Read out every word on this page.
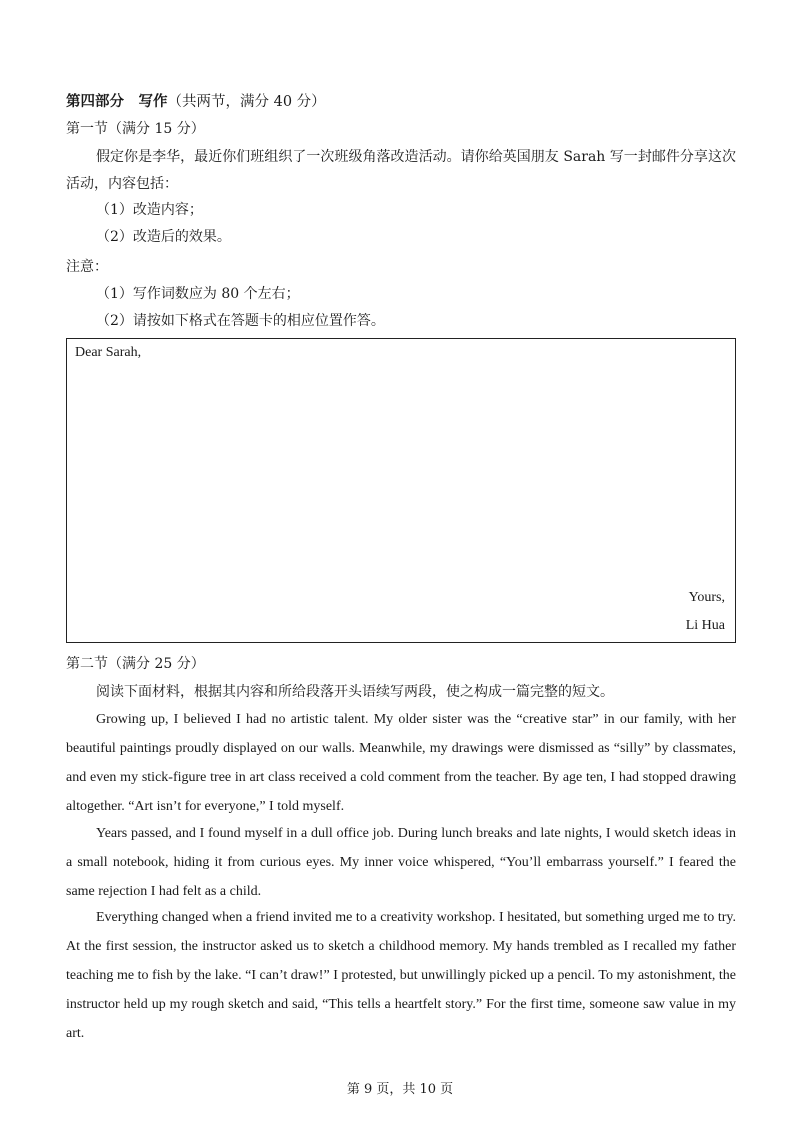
第四部分　写作（共两节，满分 40 分）
第一节（满分 15 分）
假定你是李华，最近你们班组织了一次班级角落改造活动。请你给英国朋友 Sarah 写一封邮件分享这次活动，内容包括：
（1）改造内容；
（2）改造后的效果。
注意：
（1）写作词数应为 80 个左右；
（2）请按如下格式在答题卡的相应位置作答。
Dear Sarah,
Yours,
Li Hua
第二节（满分 25 分）
阅读下面材料，根据其内容和所给段落开头语续写两段，使之构成一篇完整的短文。
Growing up, I believed I had no artistic talent. My older sister was the “creative star” in our family, with her beautiful paintings proudly displayed on our walls. Meanwhile, my drawings were dismissed as “silly” by classmates, and even my stick-figure tree in art class received a cold comment from the teacher. By age ten, I had stopped drawing altogether. “Art isn’t for everyone,” I told myself.
Years passed, and I found myself in a dull office job. During lunch breaks and late nights, I would sketch ideas in a small notebook, hiding it from curious eyes. My inner voice whispered, “You’ll embarrass yourself.” I feared the same rejection I had felt as a child.
Everything changed when a friend invited me to a creativity workshop. I hesitated, but something urged me to try. At the first session, the instructor asked us to sketch a childhood memory. My hands trembled as I recalled my father teaching me to fish by the lake. “I can’t draw!” I protested, but unwillingly picked up a pencil. To my astonishment, the instructor held up my rough sketch and said, “This tells a heartfelt story.” For the first time, someone saw value in my art.
第 9 页，共 10 页
